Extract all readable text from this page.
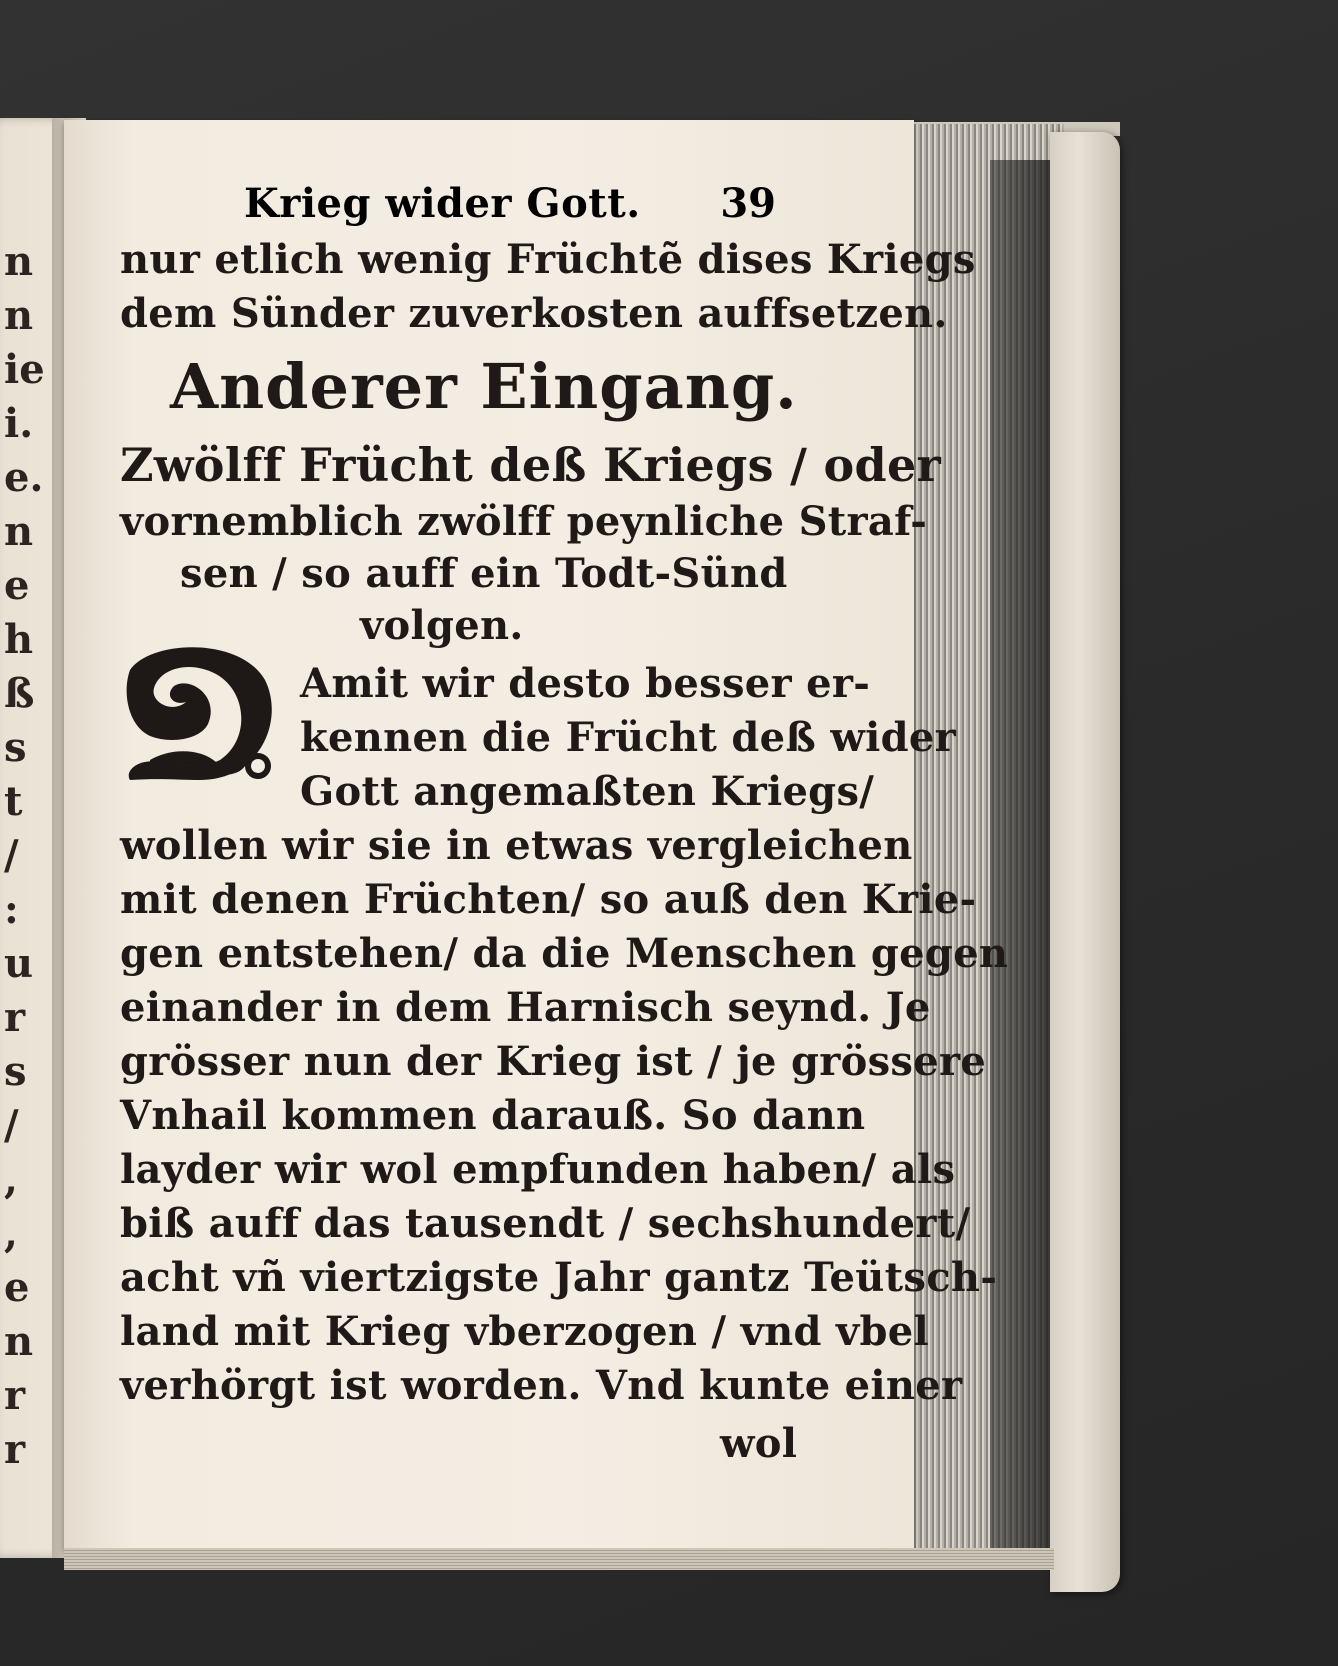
n
n
ie
i.
e.
n
e
h
ß
s
t
/
:
u
r
s
/
,
,
e
n
r
r
Krieg wider Gott. 39
nur etlich wenig Früchtẽ dises Kriegs
dem Sünder zuverkosten auffsetzen.
Anderer Eingang.
Zwölff Frücht deß Kriegs / oder
vornemblich zwölff peynliche Straf-
sen / so auff ein Todt-Sünd
volgen.
Amit wir desto besser er-
kennen die Frücht deß wider
Gott angemaßten Kriegs/
wollen wir sie in etwas vergleichen
mit denen Früchten/ so auß den Krie-
gen entstehen/ da die Menschen gegen
einander in dem Harnisch seynd. Je
grösser nun der Krieg ist / je grössere
Vnhail kommen darauß. So dann
layder wir wol empfunden haben/ als
biß auff das tausendt / sechshundert/
acht vñ viertzigste Jahr gantz Teütsch-
land mit Krieg vberzogen / vnd vbel
verhörgt ist worden. Vnd kunte einer
wol
D
